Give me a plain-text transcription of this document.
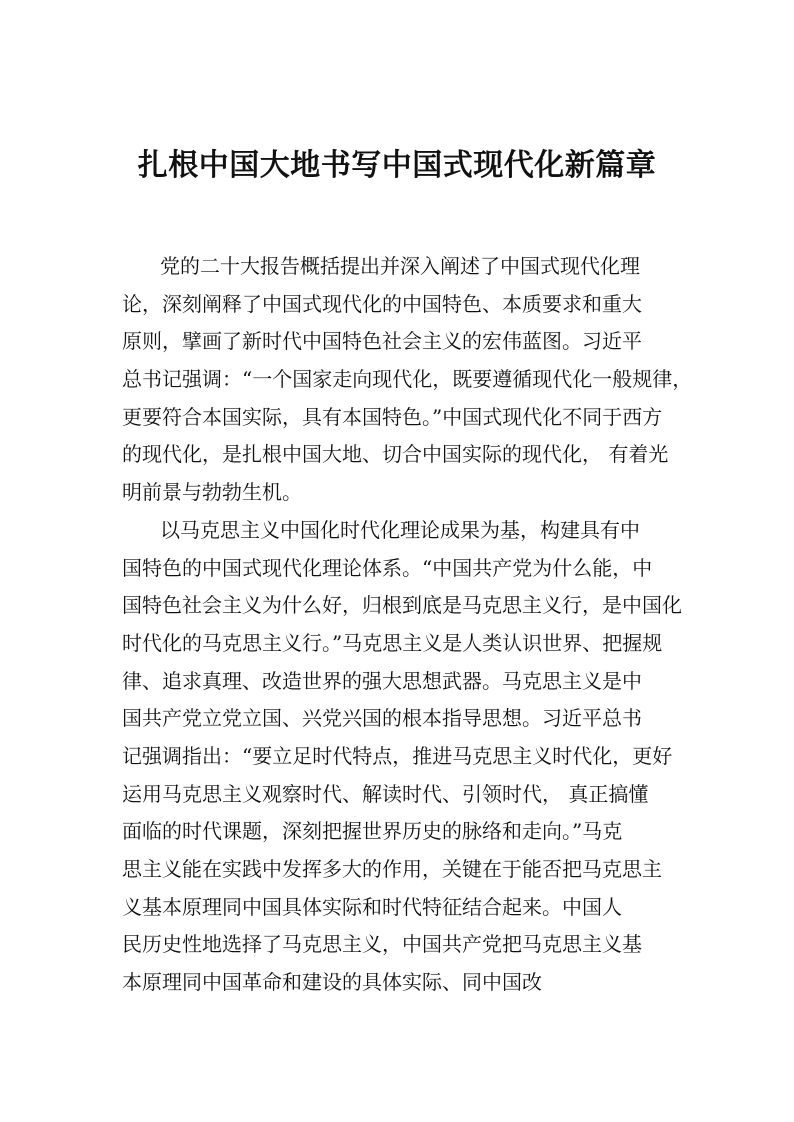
扎根中国大地书写中国式现代化新篇章
党的二十大报告概括提出并深入阐述了中国式现代化理
论，深刻阐释了中国式现代化的中国特色、本质要求和重大
原则，擘画了新时代中国特色社会主义的宏伟蓝图。习近平
总书记强调：“一个国家走向现代化，既要遵循现代化一般规律，
更要符合本国实际，具有本国特色。”中国式现代化不同于西方
的现代化，是扎根中国大地、切合中国实际的现代化， 有着光
明前景与勃勃生机。
以马克思主义中国化时代化理论成果为基，构建具有中
国特色的中国式现代化理论体系。“中国共产党为什么能，中
国特色社会主义为什么好，归根到底是马克思主义行，是中国化
时代化的马克思主义行。”马克思主义是人类认识世界、把握规
律、追求真理、改造世界的强大思想武器。马克思主义是中
国共产党立党立国、兴党兴国的根本指导思想。习近平总书
记强调指出：“要立足时代特点，推进马克思主义时代化，更好
运用马克思主义观察时代、解读时代、引领时代， 真正搞懂
面临的时代课题，深刻把握世界历史的脉络和走向。”马克
思主义能在实践中发挥多大的作用，关键在于能否把马克思主
义基本原理同中国具体实际和时代特征结合起来。中国人
民历史性地选择了马克思主义，中国共产党把马克思主义基
本原理同中国革命和建设的具体实际、同中国改
